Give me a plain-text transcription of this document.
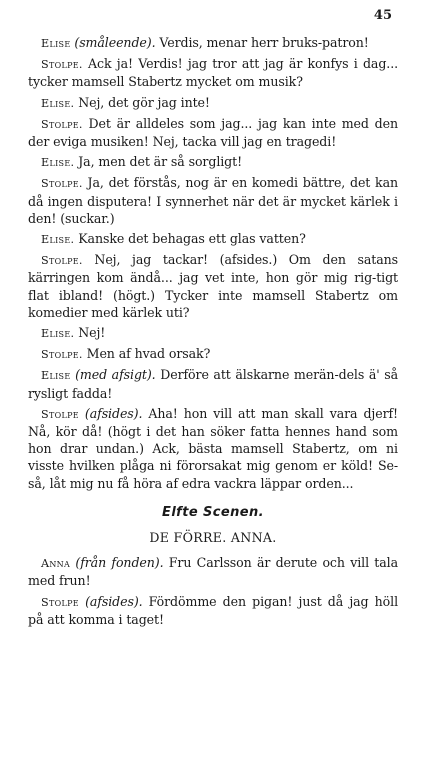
45

Elise (småleende). Verdis, menar herr bruks-patron!

Stolpe. Ack ja! Verdis! jag tror att jag är konfys i dag... tycker mamsell Stabertz mycket om musik?

Elise. Nej, det gör jag inte!

Stolpe. Det är alldeles som jag... jag kan inte med den der eviga musiken! Nej, tacka vill jag en tragedi!

Elise. Ja, men det är så sorgligt!

Stolpe. Ja, det förstås, nog är en komedi bättre, det kan då ingen disputera! I synnerhet när det är mycket kärlek i den! (suckar.)

Elise. Kanske det behagas ett glas vatten?

Stolpe. Nej, jag tackar! (afsides.) Om den satans kärringen kom ändå... jag vet inte, hon gör mig rig-tigt flat ibland! (högt.) Tycker inte mamsell Stabertz om komedier med kärlek uti?

Elise. Nej!

Stolpe. Men af hvad orsak?

Elise (med afsigt). Derföre att älskarne merän-dels ä' så rysligt fadda!

Stolpe (afsides). Aha! hon vill att man skall vara djerf! Nå, kör då! (högt i det han söker fatta hennes hand som hon drar undan.) Ack, bästa mamsell Stabertz, om ni visste hvilken plåga ni förorsakat mig genom er köld! Se-så, låt mig nu få höra af edra vackra läppar orden...

Elfte Scenen.
DE FÖRRE. ANNA.

Anna (från fonden). Fru Carlsson är derute och vill tala med frun!

Stolpe (afsides). Fördömme den pigan! just då jag höll på att komma i taget!
